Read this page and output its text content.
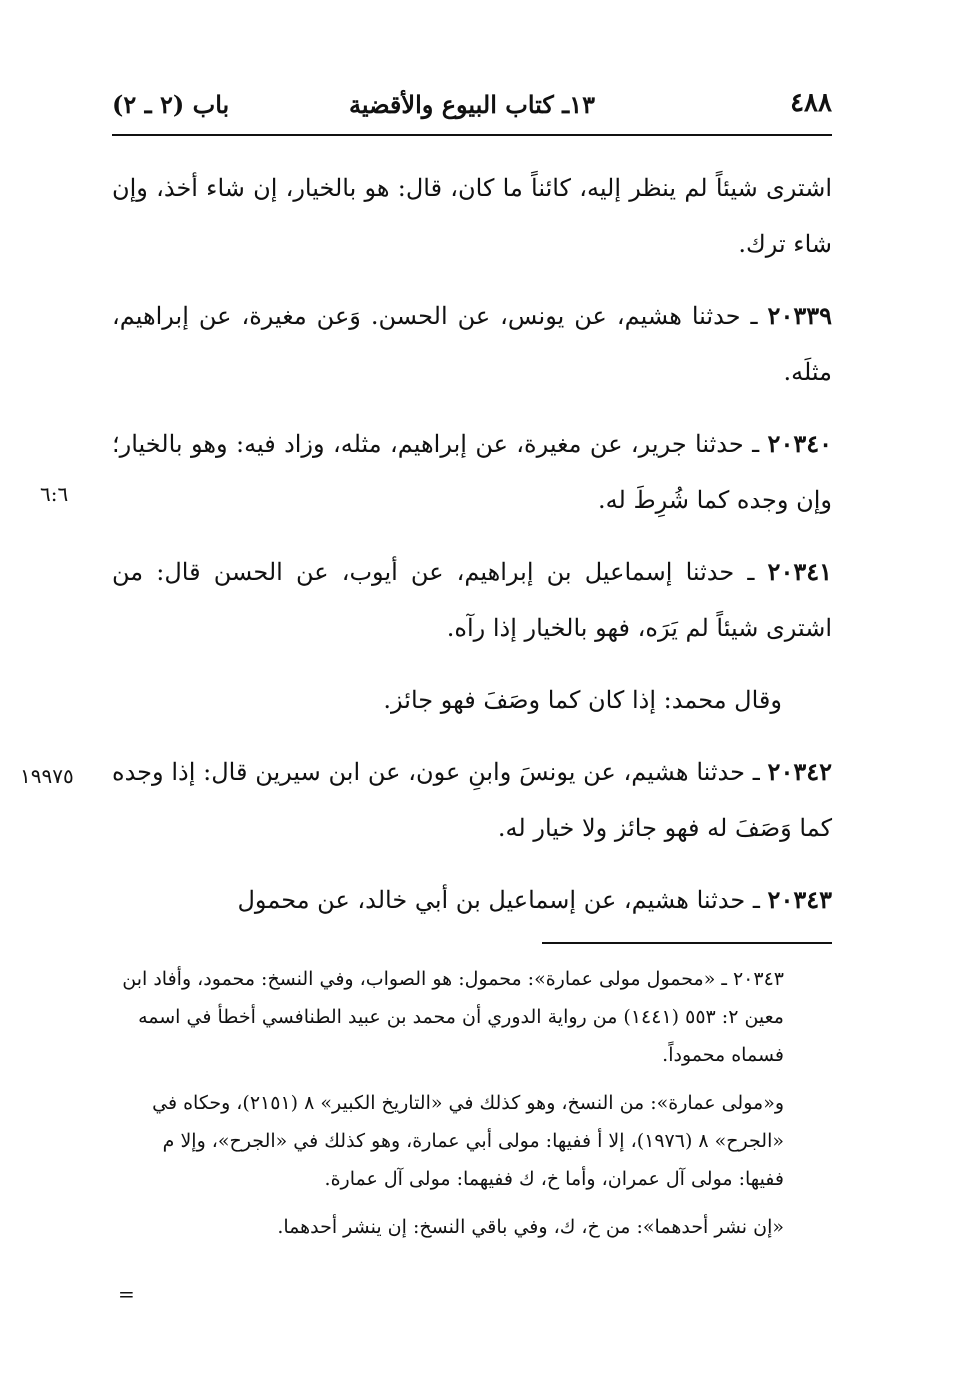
٤٨٨
١٣ـ كتاب البيوع والأقضية
باب (٢ ـ ٢)

اشترى شيئاً لم ينظر إليه، كائناً ما كان، قال: هو بالخيار، إن شاء أخذ، وإن شاء ترك.

٢٠٣٣٩ ـ حدثنا هشيم، عن يونس، عن الحسن. وَعن مغيرة، عن إبراهيم، مثلَه.

٢٠٣٤٠ ـ حدثنا جرير، عن مغيرة، عن إبراهيم، مثله، وزاد فيه: وهو بالخيار؛ وإن وجده كما شُرِطَ له.
٦:٦

٢٠٣٤١ ـ حدثنا إسماعيل بن إبراهيم، عن أيوب، عن الحسن قال: من اشترى شيئاً لم يَرَه، فهو بالخيار إذا رآه.

وقال محمد: إذا كان كما وصَفَ فهو جائز.

٢٠٣٤٢ ـ حدثنا هشيم، عن يونسَ وابنِ عون، عن ابن سيرين قال: إذا وجده كما وَصَفَ له فهو جائز ولا خيار له.
١٩٩٧٥

٢٠٣٤٣ ـ حدثنا هشيم، عن إسماعيل بن أبي خالد، عن محمول

٢٠٣٤٣ ـ «محمول مولى عمارة»: محمول: هو الصواب، وفي النسخ: محمود، وأفاد ابن معين ٢: ٥٥٣ (١٤٤١) من رواية الدوري أن محمد بن عبيد الطنافسي أخطأ في اسمه فسماه محموداً.

و«مولى عمارة»: من النسخ، وهو كذلك في «التاريخ الكبير» ٨ (٢١٥١)، وحكاه في «الجرح» ٨ (١٩٧٦)، إلا أ ففيها: مولى أبي عمارة، وهو كذلك في «الجرح»، وإلا م ففيها: مولى آل عمران، وأما خ، ك ففيهما: مولى آل عمارة.

«إن نشر أحدهما»: من خ، ك، وفي باقي النسخ: إن ينشر أحدهما.

=
